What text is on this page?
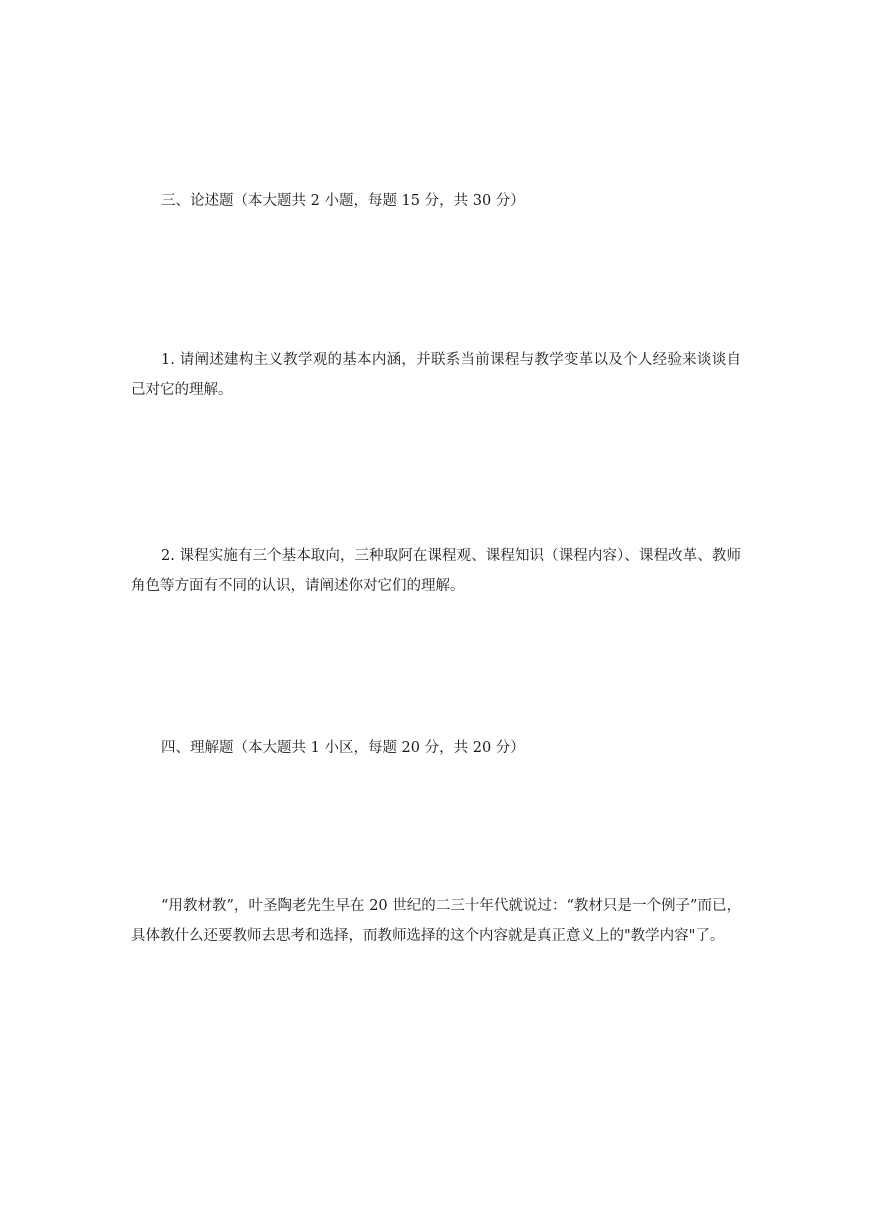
三、论述题（本大题共 2 小题，每题 15 分，共 30 分）

1. 请阐述建构主义教学观的基本内涵，并联系当前课程与教学变革以及个人经验来谈谈自己对它的理解。

2. 课程实施有三个基本取向，三种取阿在课程观、课程知识（课程内容）、课程改革、教师角色等方面有不同的认识，请阐述你对它们的理解。

四、理解题（本大题共 1 小区，每题 20 分，共 20 分）

“用教材教”，叶圣陶老先生早在 20 世纪的二三十年代就说过：“教材只是一个例子”而已，具体教什么还要教师去思考和选择，而教师选择的这个内容就是真正意义上的"教学内容"了。
